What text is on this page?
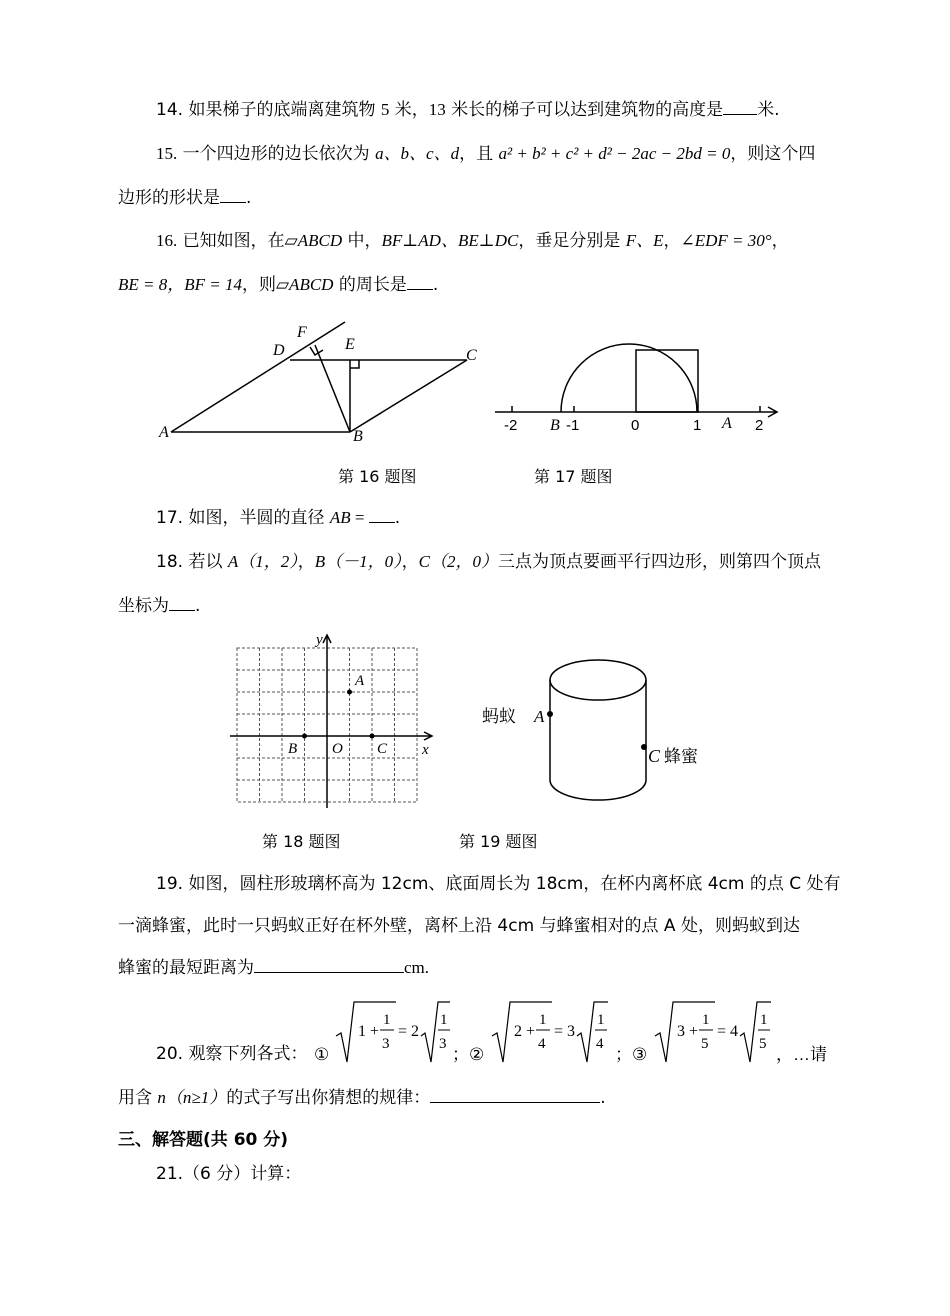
14. 如果梯子的底端离建筑物 5 米，13 米长的梯子可以达到建筑物的高度是 米.
15. 一个四边形的边长依次为 a、b、c、d，且 a² + b² + c² + d² − 2ac − 2bd = 0，则这个四
边形的形状是 .
16. 已知如图，在▱ABCD 中，BF⊥AD、BE⊥DC，垂足分别是 F、E，∠EDF = 30°，
BE = 8，BF = 14，则▱ABCD 的周长是 .
A	B
C
D	E
F
-2	-1	0	1	2
B	A
第 16 题图	第 17 题图
17. 如图，半圆的直径 AB = .
18. 若以 A（1，2），B（－1，0），C（2，0）三点为顶点要画平行四边形，则第四个顶点
坐标为 .
y
x
A
B O C
蚂蚁 A
C 蜂蜜
第 18 题图	第 19 题图
19. 如图，圆柱形玻璃杯高为 12cm、底面周长为 18cm，在杯内离杯底 4cm 的点 C 处有
一滴蜂蜜，此时一只蚂蚁正好在杯外壁，离杯上沿 4cm 与蜂蜜相对的点 A 处，则蚂蚁到达
蜂蜜的最短距离为	cm.
20. 观察下列各式： ①	；②	；③	，…请
1 +
1
3
= 2
1
3
2 +
1
4
= 3
1
4
3 +
1
5
= 4
1
5
用含 n（n≥1）的式子写出你猜想的规律：	.
三、解答题(共 60 分)
21.（6 分）计算：
